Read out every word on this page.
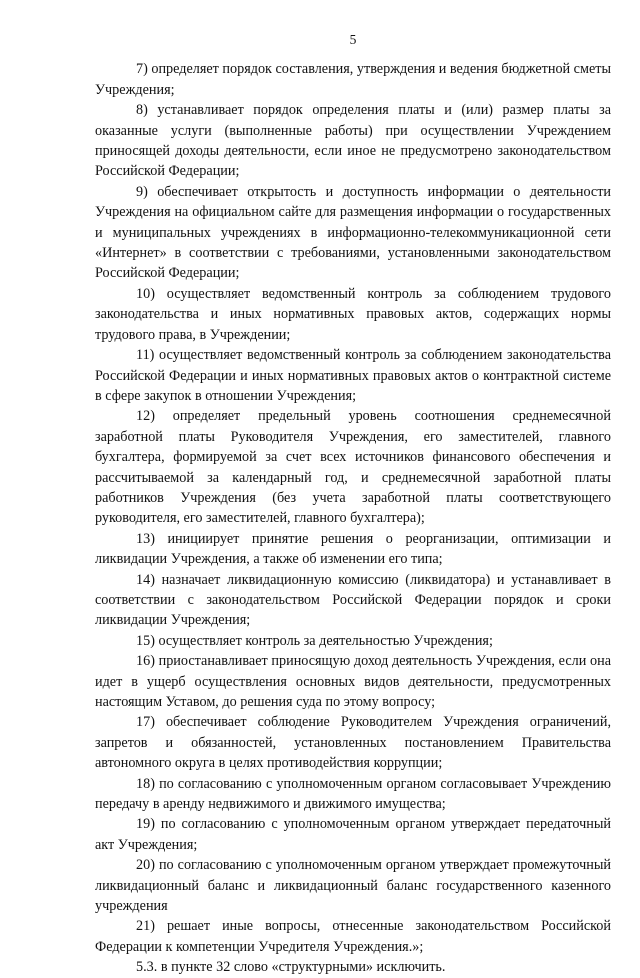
5

7) определяет порядок составления, утверждения и ведения бюджетной сметы Учреждения;

8) устанавливает порядок определения платы и (или) размер платы за оказанные услуги (выполненные работы) при осуществлении Учреждением приносящей доходы деятельности, если иное не предусмотрено законодательством Российской Федерации;

9) обеспечивает открытость и доступность информации о деятельности Учреждения на официальном сайте для размещения информации о государственных и муниципальных учреждениях в информационно-телекоммуникационной сети «Интернет» в соответствии с требованиями, установленными законодательством Российской Федерации;

10) осуществляет ведомственный контроль за соблюдением трудового законодательства и иных нормативных правовых актов, содержащих нормы трудового права, в Учреждении;

11) осуществляет ведомственный контроль за соблюдением законодательства Российской Федерации и иных нормативных правовых актов о контрактной системе в сфере закупок в отношении Учреждения;

12) определяет предельный уровень соотношения среднемесячной заработной платы Руководителя Учреждения, его заместителей, главного бухгалтера, формируемой за счет всех источников финансового обеспечения и рассчитываемой за календарный год, и среднемесячной заработной платы работников Учреждения (без учета заработной платы соответствующего руководителя, его заместителей, главного бухгалтера);

13) инициирует принятие решения о реорганизации, оптимизации и ликвидации Учреждения, а также об изменении его типа;

14) назначает ликвидационную комиссию (ликвидатора) и устанавливает в соответствии с законодательством Российской Федерации порядок и сроки ликвидации Учреждения;

15) осуществляет контроль за деятельностью Учреждения;

16) приостанавливает приносящую доход деятельность Учреждения, если она идет в ущерб осуществления основных видов деятельности, предусмотренных настоящим Уставом, до решения суда по этому вопросу;

17) обеспечивает соблюдение Руководителем Учреждения ограничений, запретов и обязанностей, установленных постановлением Правительства автономного округа в целях противодействия коррупции;

18) по согласованию с уполномоченным органом согласовывает Учреждению передачу в аренду недвижимого и движимого имущества;

19) по согласованию с уполномоченным органом утверждает передаточный акт Учреждения;

20) по согласованию с уполномоченным органом утверждает промежуточный ликвидационный баланс и ликвидационный баланс государственного казенного учреждения

21) решает иные вопросы, отнесенные законодательством Российской Федерации к компетенции Учредителя Учреждения.»;

5.3. в пункте 32 слово «структурными» исключить.
